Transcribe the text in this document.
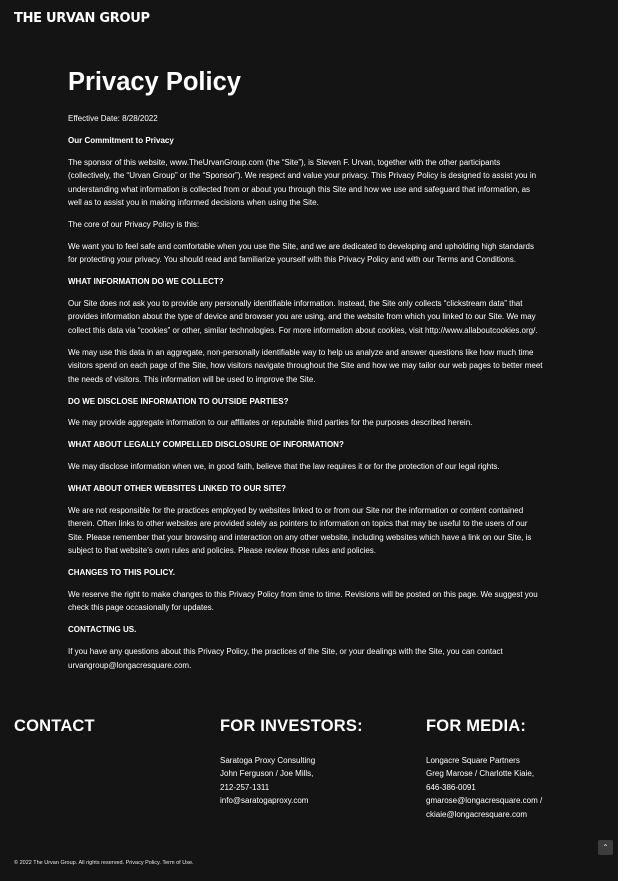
THE URVAN GROUP
Privacy Policy

Effective Date: 8/28/2022

Our Commitment to Privacy

The sponsor of this website, www.TheUrvanGroup.com (the “Site”), is Steven F. Urvan, together with the other participants (collectively, the “Urvan Group” or the “Sponsor”). We respect and value your privacy. This Privacy Policy is designed to assist you in understanding what information is collected from or about you through this Site and how we use and safeguard that information, as well as to assist you in making informed decisions when using the Site.

The core of our Privacy Policy is this:

We want you to feel safe and comfortable when you use the Site, and we are dedicated to developing and upholding high standards for protecting your privacy. You should read and familiarize yourself with this Privacy Policy and with our Terms and Conditions.

WHAT INFORMATION DO WE COLLECT?

Our Site does not ask you to provide any personally identifiable information. Instead, the Site only collects “clickstream data” that provides information about the type of device and browser you are using, and the website from which you linked to our Site. We may collect this data via “cookies” or other, similar technologies. For more information about cookies, visit http://www.allaboutcookies.org/.

We may use this data in an aggregate, non-personally identifiable way to help us analyze and answer questions like how much time visitors spend on each page of the Site, how visitors navigate throughout the Site and how we may tailor our web pages to better meet the needs of visitors. This information will be used to improve the Site.

DO WE DISCLOSE INFORMATION TO OUTSIDE PARTIES?

We may provide aggregate information to our affiliates or reputable third parties for the purposes described herein.

WHAT ABOUT LEGALLY COMPELLED DISCLOSURE OF INFORMATION?

We may disclose information when we, in good faith, believe that the law requires it or for the protection of our legal rights.

WHAT ABOUT OTHER WEBSITES LINKED TO OUR SITE?

We are not responsible for the practices employed by websites linked to or from our Site nor the information or content contained therein. Often links to other websites are provided solely as pointers to information on topics that may be useful to the users of our Site. Please remember that your browsing and interaction on any other website, including websites which have a link on our Site, is subject to that website’s own rules and policies. Please review those rules and policies.

CHANGES TO THIS POLICY.

We reserve the right to make changes to this Privacy Policy from time to time. Revisions will be posted on this page. We suggest you check this page occasionally for updates.

CONTACTING US.

If you have any questions about this Privacy Policy, the practices of the Site, or your dealings with the Site, you can contact urvangroup@longacresquare.com.

CONTACT	FOR INVESTORS:
Saratoga Proxy Consulting
John Ferguson / Joe Mills,
212-257-1311
info@saratogaproxy.com
FOR MEDIA:
Longacre Square Partners
Greg Marose / Charlotte Kiaie,
646-386-0091
gmarose@longacresquare.com /
ckiaie@longacresquare.com
© 2022 The Urvan Group. All rights reserved. Privacy Policy. Term of Use.
⌃
